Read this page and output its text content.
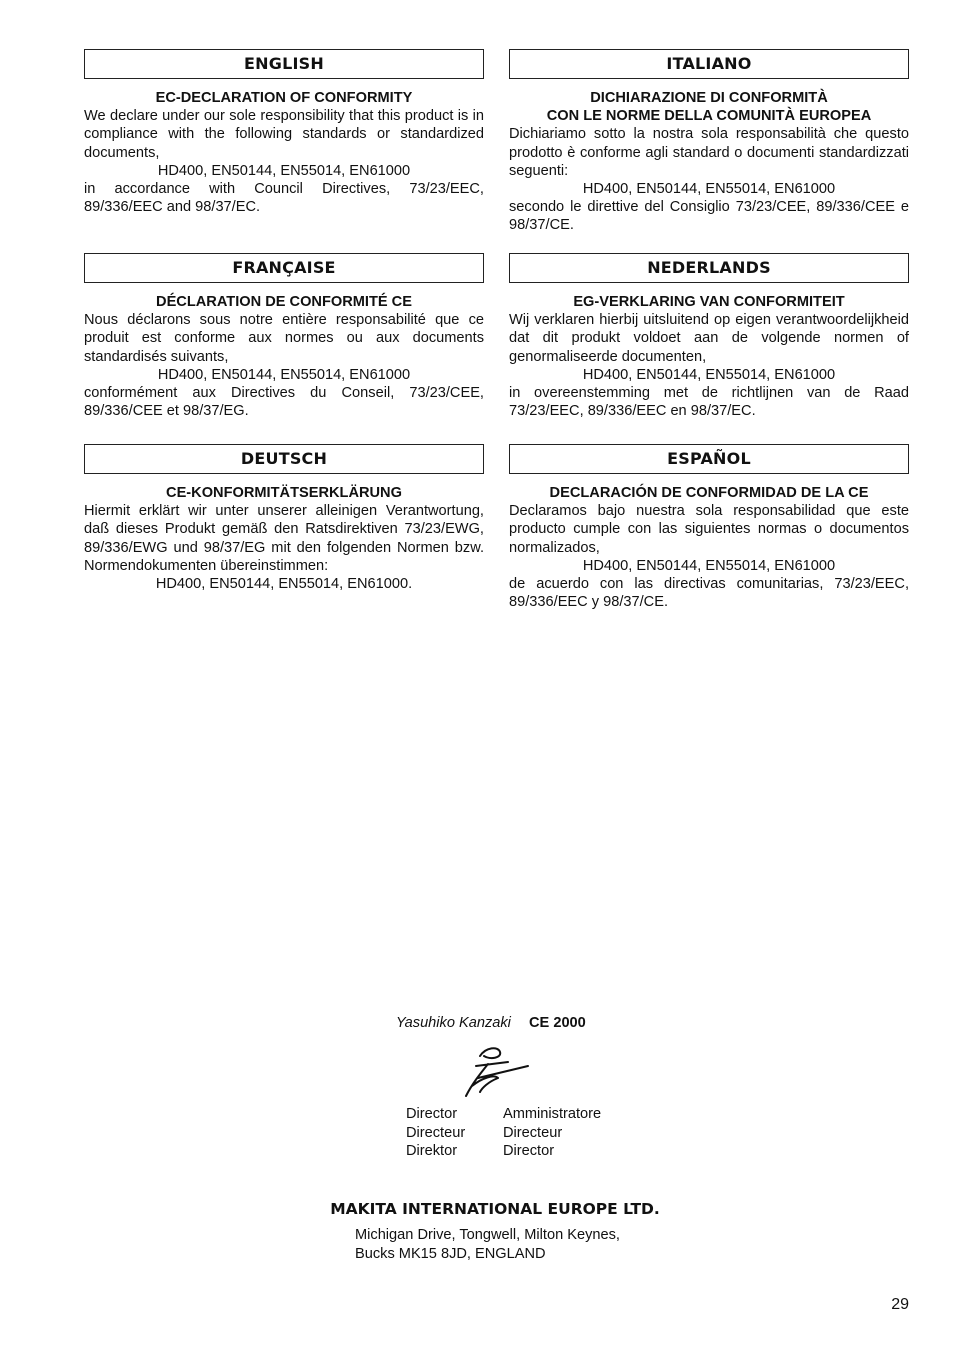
ENGLISH
EC-DECLARATION OF CONFORMITY
We declare under our sole responsibility that this product is in compliance with the following standards or standardized documents,
HD400, EN50144, EN55014, EN61000
in accordance with Council Directives, 73/23/EEC, 89/336/EEC and 98/37/EC.
ITALIANO
DICHIARAZIONE DI CONFORMITÀ
CON LE NORME DELLA COMUNITÀ EUROPEA
Dichiariamo sotto la nostra sola responsabilità che questo prodotto è conforme agli standard o documenti standardizzati seguenti:
HD400, EN50144, EN55014, EN61000
secondo le direttive del Consiglio 73/23/CEE, 89/336/CEE e 98/37/CE.
FRANÇAISE
DÉCLARATION DE CONFORMITÉ CE
Nous déclarons sous notre entière responsabilité que ce produit est conforme aux normes ou aux documents standardisés suivants,
HD400, EN50144, EN55014, EN61000
conformément aux Directives du Conseil, 73/23/CEE, 89/336/CEE et 98/37/EG.
NEDERLANDS
EG-VERKLARING VAN CONFORMITEIT
Wij verklaren hierbij uitsluitend op eigen verantwoordelijkheid dat dit produkt voldoet aan de volgende normen of genormaliseerde documenten,
HD400, EN50144, EN55014, EN61000
in overeenstemming met de richtlijnen van de Raad 73/23/EEC, 89/336/EEC en 98/37/EC.
DEUTSCH
CE-KONFORMITÄTSERKLÄRUNG
Hiermit erklärt wir unter unserer alleinigen Verantwortung, daß dieses Produkt gemäß den Ratsdirektiven 73/23/EWG, 89/336/EWG und 98/37/EG mit den folgenden Normen bzw. Normendokumenten übereinstimmen:
HD400, EN50144, EN55014, EN61000.
ESPAÑOL
DECLARACIÓN DE CONFORMIDAD DE LA CE
Declaramos bajo nuestra sola responsabilidad que este producto cumple con las siguientes normas o documentos normalizados,
HD400, EN50144, EN55014, EN61000
de acuerdo con las directivas comunitarias, 73/23/EEC, 89/336/EEC y 98/37/CE.
Yasuhiko Kanzaki CE 2000
Director
Directeur
Direktor
Amministratore
Directeur
Director
MAKITA INTERNATIONAL EUROPE LTD.
Michigan Drive, Tongwell, Milton Keynes,
Bucks MK15 8JD, ENGLAND
29
